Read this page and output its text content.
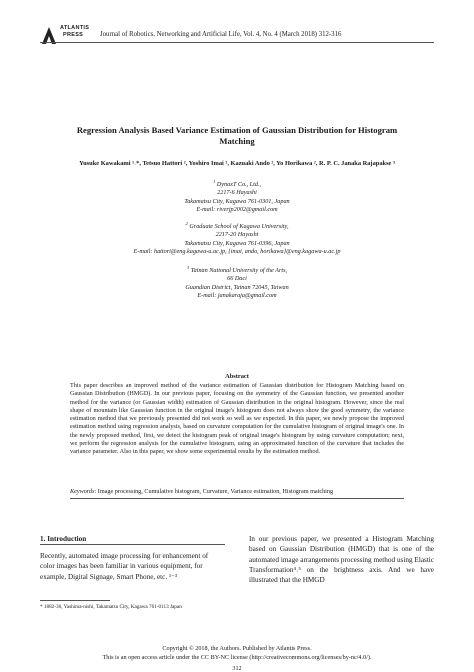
ATLANTIS
PRESS	Journal of Robotics, Networking and Artificial Life, Vol. 4, No. 4 (March 2018) 312-316
Regression Analysis Based Variance Estimation of Gaussian Distribution for Histogram
Matching
Yusuke Kawakami ¹˒*, Tetsuo Hattori ², Yoshiro Imai ², Kazuaki Ando ², Yo Horikawa ², R. P. C. Janaka Rajapakse ³
$^1$ DynaxT Co., Ltd.,
2217-6 Hayashi
Takamatsu City, Kagawa 761-0301, Japan
E-mail: riverjp2002@gmail.com
$^2$ Graduate School of Kagawa University,
2217-20 Hayashi
Takamatsu City, Kagawa 761-0396, Japan
E-mail: hattori@eng.kagawa-u.ac.jp, {imai, ando, horikawa}@eng.kagawa-u.ac.jp
$^3$ Tainan National University of the Arts,
66 Daci
Guandian District, Tainan 72045, Taiwan
E-mail: janakaraja@gmail.com
Abstract
This paper describes an improved method of the variance estimation of Gaussian distribution for Histogram Matching based on Gaussian Distribution (HMGD). In our previous paper, focusing on the symmetry of the Gaussian function, we presented another method for the variance (or Gaussian width) estimation of Gaussian distribution in the original histogram. However, since the real shape of mountain like Gaussian function in the original image's histogram does not always show the good symmetry, the variance estimation method that we previously presented did not work so well as we expected. In this paper, we newly propose the improved estimation method using regression analysis, based on curvature computation for the cumulative histogram of original image's one. In the newly proposed method, first, we detect the histogram peak of original image's histogram by using curvature computation; next, we perform the regression analysis for the cumulative histogram, using an approximated function of the curvature that includes the variance parameter. Also in this paper, we show some experimental results by the estimation method.
Keywords: Image processing, Cumulative histogram, Curvature, Variance estimation, Histogram matching
1. Introduction
Recently, automated image processing for enhancement of color images has been familiar in various equipment, for example, Digital Signage, Smart Phone, etc. ¹⁻³
In our previous paper, we presented a Histogram Matching based on Gaussian Distribution (HMGD) that is one of the automated image arrangements processing method using Elastic Transformation⁴˒⁵ on the brightness axis. And we have illustrated that the HMGD
* 1882-36, Yashima-nishi, Takamatsu City, Kagawa 761-0113 Japan
Copyright © 2018, the Authors. Published by Atlantis Press.
This is an open access article under the CC BY-NC license (http://creativecommons.org/licenses/by-nc/4.0/).
312
